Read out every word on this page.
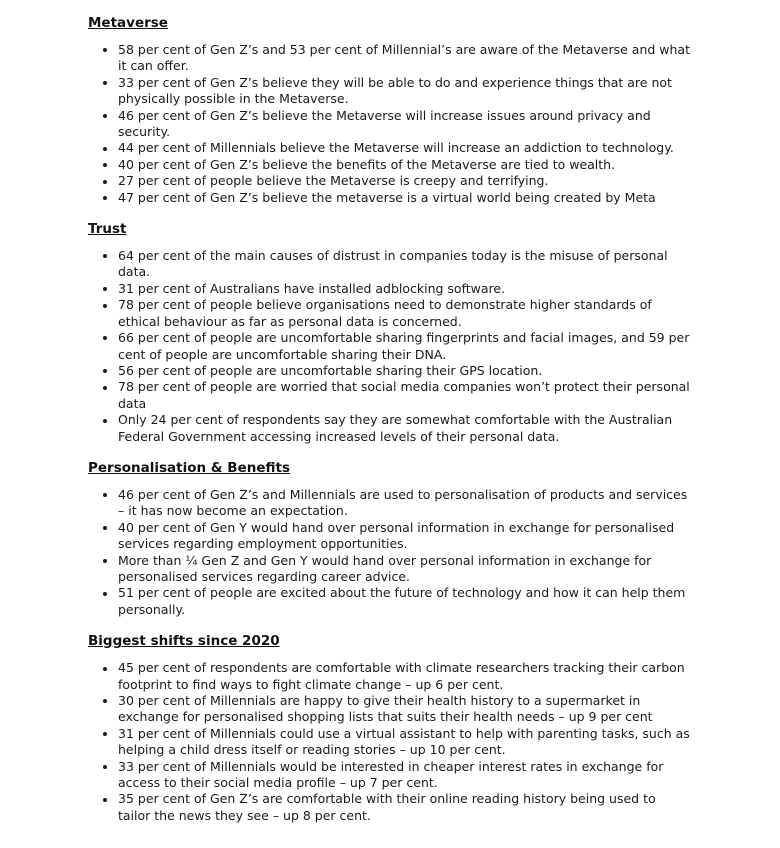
Metaverse
58 per cent of Gen Z’s and 53 per cent of Millennial’s are aware of the Metaverse and what it can offer.
33 per cent of Gen Z’s believe they will be able to do and experience things that are not physically possible in the Metaverse.
46 per cent of Gen Z’s believe the Metaverse will increase issues around privacy and security.
44 per cent of Millennials believe the Metaverse will increase an addiction to technology.
40 per cent of Gen Z’s believe the benefits of the Metaverse are tied to wealth.
27 per cent of people believe the Metaverse is creepy and terrifying.
47 per cent of Gen Z’s believe the metaverse is a virtual world being created by Meta
Trust
64 per cent of the main causes of distrust in companies today is the misuse of personal data.
31 per cent of Australians have installed adblocking software.
78 per cent of people believe organisations need to demonstrate higher standards of ethical behaviour as far as personal data is concerned.
66 per cent of people are uncomfortable sharing fingerprints and facial images, and 59 per cent of people are uncomfortable sharing their DNA.
56 per cent of people are uncomfortable sharing their GPS location.
78 per cent of people are worried that social media companies won’t protect their personal data
Only 24 per cent of respondents say they are somewhat comfortable with the Australian Federal Government accessing increased levels of their personal data.
Personalisation & Benefits
46 per cent of Gen Z’s and Millennials are used to personalisation of products and services – it has now become an expectation.
40 per cent of Gen Y would hand over personal information in exchange for personalised services regarding employment opportunities.
More than ¼ Gen Z and Gen Y would hand over personal information in exchange for personalised services regarding career advice.
51 per cent of people are excited about the future of technology and how it can help them personally.
Biggest shifts since 2020
45 per cent of respondents are comfortable with climate researchers tracking their carbon footprint to find ways to fight climate change – up 6 per cent.
30 per cent of Millennials are happy to give their health history to a supermarket in exchange for personalised shopping lists that suits their health needs – up 9 per cent
31 per cent of Millennials could use a virtual assistant to help with parenting tasks, such as helping a child dress itself or reading stories – up 10 per cent.
33 per cent of Millennials would be interested in cheaper interest rates in exchange for access to their social media profile – up 7 per cent.
35 per cent of Gen Z’s are comfortable with their online reading history being used to tailor the news they see – up 8 per cent.
